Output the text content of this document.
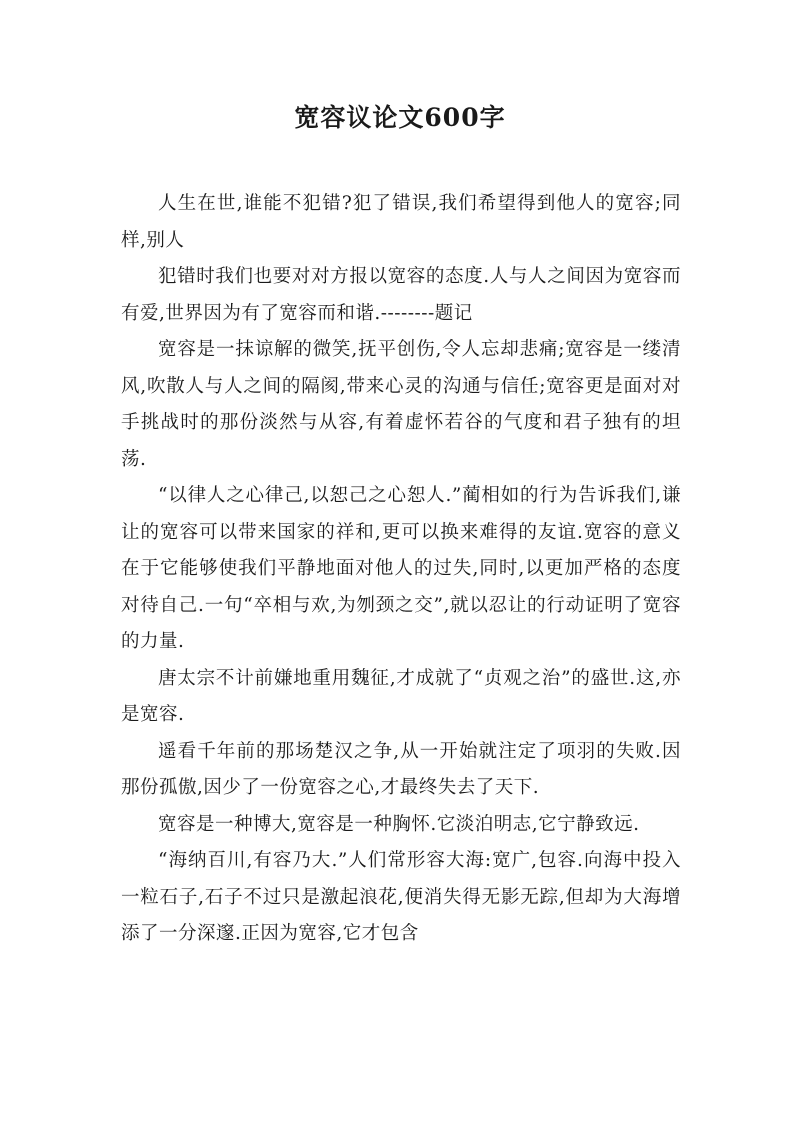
宽容议论文600字

人生在世,谁能不犯错?犯了错误,我们希望得到他人的宽容;同样,别人

犯错时我们也要对对方报以宽容的态度.人与人之间因为宽容而有爱,世界因为有了宽容而和谐.--------题记

宽容是一抹谅解的微笑,抚平创伤,令人忘却悲痛;宽容是一缕清风,吹散人与人之间的隔阂,带来心灵的沟通与信任;宽容更是面对对手挑战时的那份淡然与从容,有着虚怀若谷的气度和君子独有的坦荡.

“以律人之心律己,以恕己之心恕人.”蔺相如的行为告诉我们,谦让的宽容可以带来国家的祥和,更可以换来难得的友谊.宽容的意义在于它能够使我们平静地面对他人的过失,同时,以更加严格的态度对待自己.一句“卒相与欢,为刎颈之交”,就以忍让的行动证明了宽容的力量.

唐太宗不计前嫌地重用魏征,才成就了“贞观之治”的盛世.这,亦是宽容.

遥看千年前的那场楚汉之争,从一开始就注定了项羽的失败.因那份孤傲,因少了一份宽容之心,才最终失去了天下.

宽容是一种博大,宽容是一种胸怀.它淡泊明志,它宁静致远.

“海纳百川,有容乃大.”人们常形容大海:宽广,包容.向海中投入一粒石子,石子不过只是激起浪花,便消失得无影无踪,但却为大海增添了一分深邃.正因为宽容,它才包含
